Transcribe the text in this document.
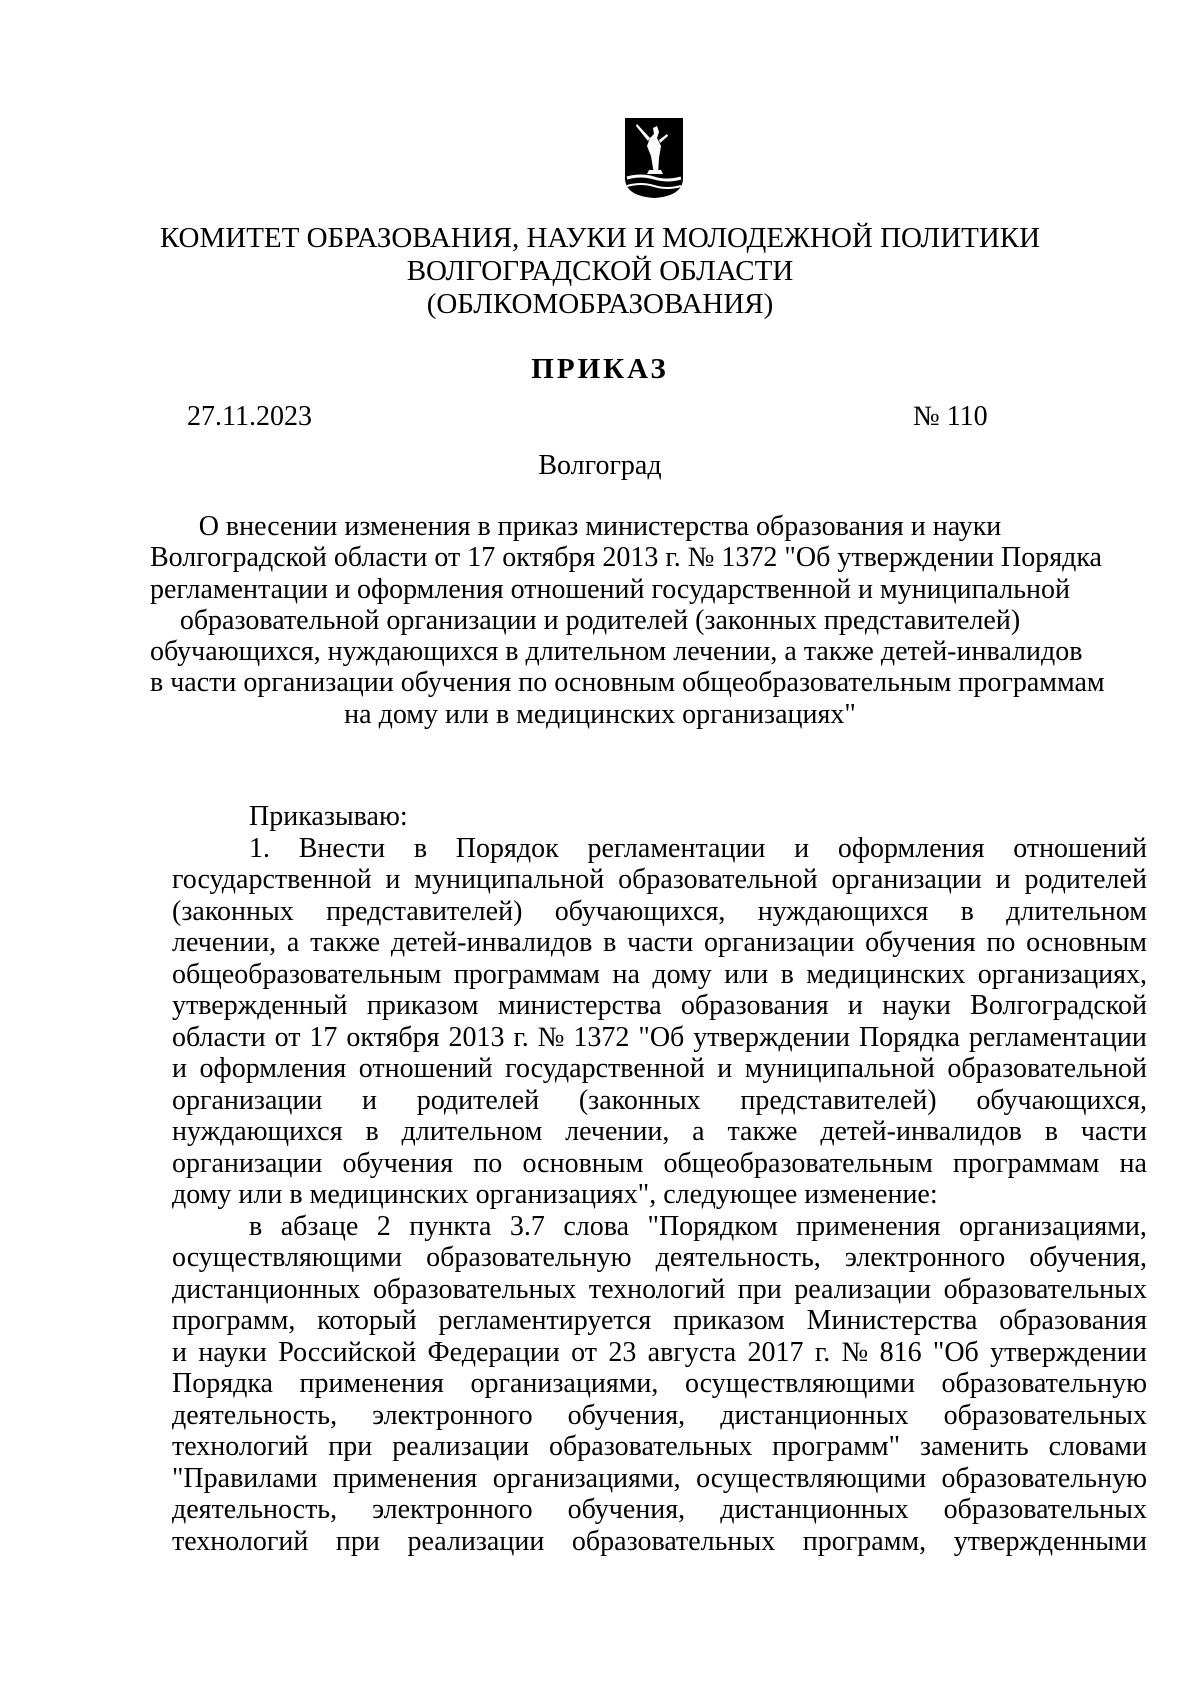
КОМИТЕТ ОБРАЗОВАНИЯ, НАУКИ И МОЛОДЕЖНОЙ ПОЛИТИКИ
ВОЛГОГРАДСКОЙ ОБЛАСТИ
(ОБЛКОМОБРАЗОВАНИЯ)
ПРИКАЗ
27.11.2023	№ 110
Волгоград
О внесении изменения в приказ министерства образования и науки
Волгоградской области от 17 октября 2013 г. № 1372 "Об утверждении Порядка
регламентации и оформления отношений государственной и муниципальной
образовательной организации и родителей (законных представителей)
обучающихся, нуждающихся в длительном лечении, а также детей-инвалидов
в части организации обучения по основным общеобразовательным программам
на дому или в медицинских организациях"
Приказываю:
1. Внести в Порядок регламентации и оформления отношений
государственной и муниципальной образовательной организации и родителей
(законных представителей) обучающихся, нуждающихся в длительном
лечении, а также детей-инвалидов в части организации обучения по основным
общеобразовательным программам на дому или в медицинских организациях,
утвержденный приказом министерства образования и науки Волгоградской
области от 17 октября 2013 г. № 1372 "Об утверждении Порядка регламентации
и оформления отношений государственной и муниципальной образовательной
организации и родителей (законных представителей) обучающихся,
нуждающихся в длительном лечении, а также детей-инвалидов в части
организации обучения по основным общеобразовательным программам на
дому или в медицинских организациях", следующее изменение:
в абзаце 2 пункта 3.7 слова "Порядком применения организациями,
осуществляющими образовательную деятельность, электронного обучения,
дистанционных образовательных технологий при реализации образовательных
программ, который регламентируется приказом Министерства образования
и науки Российской Федерации от 23 августа 2017 г. № 816 "Об утверждении
Порядка применения организациями, осуществляющими образовательную
деятельность, электронного обучения, дистанционных образовательных
технологий при реализации образовательных программ" заменить словами
"Правилами применения организациями, осуществляющими образовательную
деятельность, электронного обучения, дистанционных образовательных
технологий при реализации образовательных программ, утвержденными
